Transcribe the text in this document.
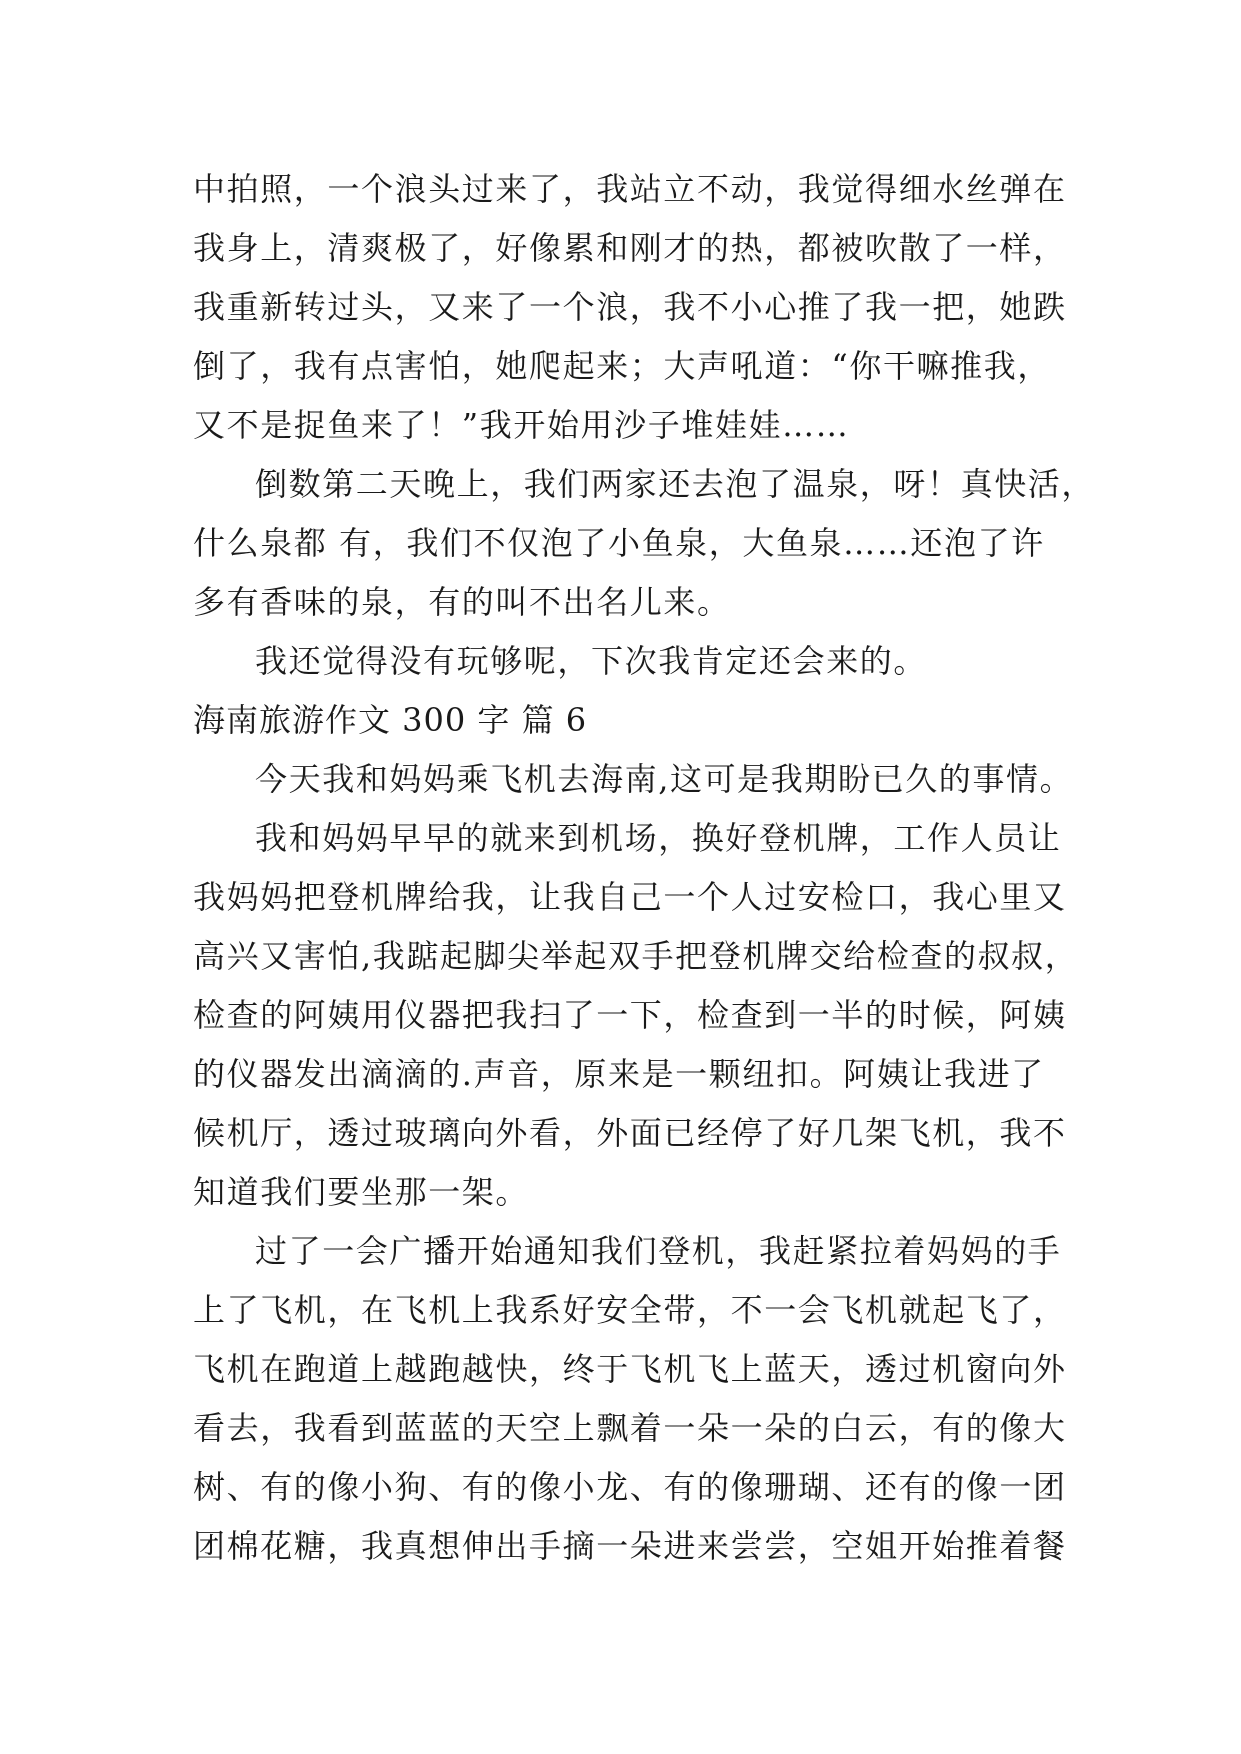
中拍照，一个浪头过来了，我站立不动，我觉得细水丝弹在
我身上，清爽极了，好像累和刚才的热，都被吹散了一样，
我重新转过头，又来了一个浪，我不小心推了我一把，她跌
倒了，我有点害怕，她爬起来；大声吼道：“你干嘛推我，
又不是捉鱼来了！”我开始用沙子堆娃娃……
倒数第二天晚上，我们两家还去泡了温泉，呀！真快活，
什么泉都 有，我们不仅泡了小鱼泉，大鱼泉……还泡了许
多有香味的泉，有的叫不出名儿来。
我还觉得没有玩够呢，下次我肯定还会来的。
海南旅游作文 300 字 篇 6
今天我和妈妈乘飞机去海南,这可是我期盼已久的事情。
我和妈妈早早的就来到机场，换好登机牌，工作人员让
我妈妈把登机牌给我，让我自己一个人过安检口，我心里又
高兴又害怕,我踮起脚尖举起双手把登机牌交给检查的叔叔，
检查的阿姨用仪器把我扫了一下，检查到一半的时候，阿姨
的仪器发出滴滴的.声音，原来是一颗纽扣。阿姨让我进了
候机厅，透过玻璃向外看，外面已经停了好几架飞机，我不
知道我们要坐那一架。
过了一会广播开始通知我们登机，我赶紧拉着妈妈的手
上了飞机，在飞机上我系好安全带，不一会飞机就起飞了，
飞机在跑道上越跑越快，终于飞机飞上蓝天，透过机窗向外
看去，我看到蓝蓝的天空上飘着一朵一朵的白云，有的像大
树、有的像小狗、有的像小龙、有的像珊瑚、还有的像一团
团棉花糖，我真想伸出手摘一朵进来尝尝，空姐开始推着餐
